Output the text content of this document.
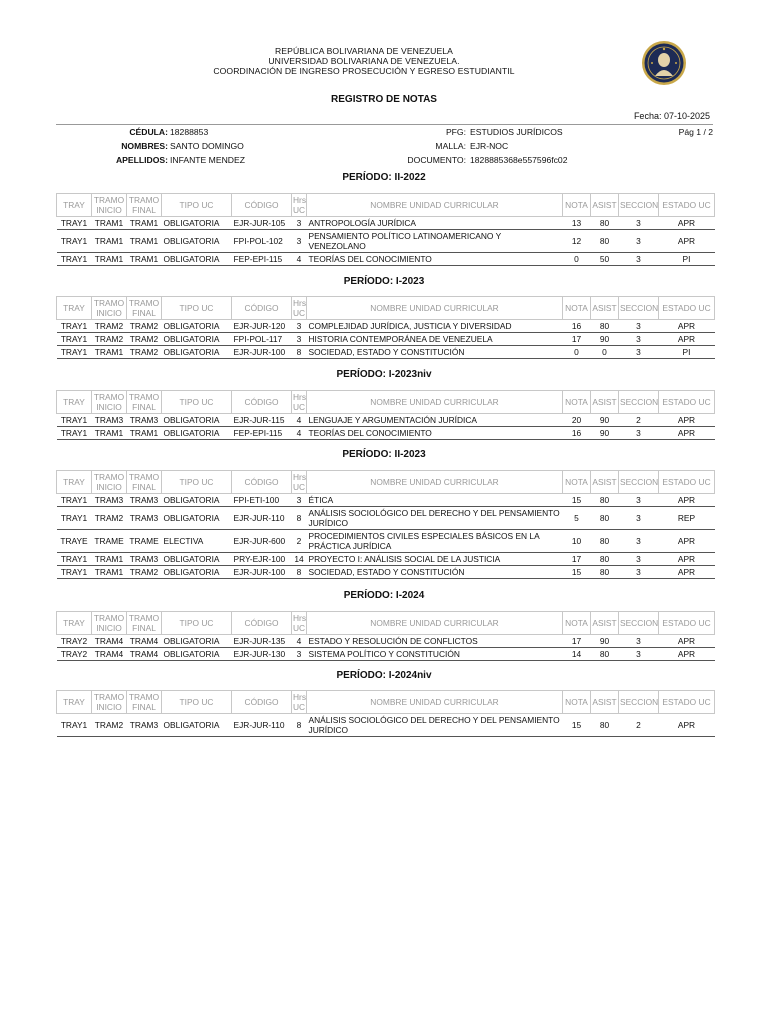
REPÚBLICA BOLIVARIANA DE VENEZUELA
UNIVERSIDAD BOLIVARIANA DE VENEZUELA.
COORDINACIÓN DE INGRESO PROSECUCIÓN Y EGRESO ESTUDIANTIL
REGISTRO DE NOTAS
Fecha: 07-10-2025
CÉDULA: 18288853
NOMBRES: SANTO DOMINGO
APELLIDOS: INFANTE MENDEZ
PFG: ESTUDIOS JURÍDICOS
MALLA: EJR-NOC
DOCUMENTO: 1828885368e557596fc02
Pág 1 / 2
PERÍODO: II-2022
TRAY	TRAMO INICIO	TRAMO FINAL	TIPO UC	CÓDIGO	Hrs UC	NOMBRE UNIDAD CURRICULAR	NOTA	ASIST	SECCION	ESTADO UC
TRAY1	TRAM1	TRAM1	OBLIGATORIA	EJR-JUR-105	3	ANTROPOLOGÍA JURÍDICA	13	80	3	APR
TRAY1	TRAM1	TRAM1	OBLIGATORIA	FPI-POL-102	3	PENSAMIENTO POLÍTICO LATINOAMERICANO Y VENEZOLANO	12	80	3	APR
TRAY1	TRAM1	TRAM1	OBLIGATORIA	FEP-EPI-115	4	TEORÍAS DEL CONOCIMIENTO	0	50	3	PI
PERÍODO: I-2023
TRAY	TRAMO INICIO	TRAMO FINAL	TIPO UC	CÓDIGO	Hrs UC	NOMBRE UNIDAD CURRICULAR	NOTA	ASIST	SECCION	ESTADO UC
TRAY1	TRAM2	TRAM2	OBLIGATORIA	EJR-JUR-120	3	COMPLEJIDAD JURÍDICA, JUSTICIA Y DIVERSIDAD	16	80	3	APR
TRAY1	TRAM2	TRAM2	OBLIGATORIA	FPI-POL-117	3	HISTORIA CONTEMPORÁNEA DE VENEZUELA	17	90	3	APR
TRAY1	TRAM1	TRAM2	OBLIGATORIA	EJR-JUR-100	8	SOCIEDAD, ESTADO Y CONSTITUCIÓN	0	0	3	PI
PERÍODO: I-2023niv
TRAY	TRAMO INICIO	TRAMO FINAL	TIPO UC	CÓDIGO	Hrs UC	NOMBRE UNIDAD CURRICULAR	NOTA	ASIST	SECCION	ESTADO UC
TRAY1	TRAM3	TRAM3	OBLIGATORIA	EJR-JUR-115	4	LENGUAJE Y ARGUMENTACIÓN JURÍDICA	20	90	2	APR
TRAY1	TRAM1	TRAM1	OBLIGATORIA	FEP-EPI-115	4	TEORÍAS DEL CONOCIMIENTO	16	90	3	APR
PERÍODO: II-2023
TRAY	TRAMO INICIO	TRAMO FINAL	TIPO UC	CÓDIGO	Hrs UC	NOMBRE UNIDAD CURRICULAR	NOTA	ASIST	SECCION	ESTADO UC
TRAY1	TRAM3	TRAM3	OBLIGATORIA	FPI-ETI-100	3	ÉTICA	15	80	3	APR
TRAY1	TRAM2	TRAM3	OBLIGATORIA	EJR-JUR-110	8	ANÁLISIS SOCIOLÓGICO DEL DERECHO Y DEL PENSAMIENTO JURÍDICO	5	80	3	REP
TRAYE	TRAME	TRAME	ELECTIVA	EJR-JUR-600	2	PROCEDIMIENTOS CIVILES ESPECIALES BÁSICOS EN LA PRÁCTICA JURÍDICA	10	80	3	APR
TRAY1	TRAM1	TRAM3	OBLIGATORIA	PRY-EJR-100	14	PROYECTO I: ANÁLISIS SOCIAL DE LA JUSTICIA	17	80	3	APR
TRAY1	TRAM1	TRAM2	OBLIGATORIA	EJR-JUR-100	8	SOCIEDAD, ESTADO Y CONSTITUCIÓN	15	80	3	APR
PERÍODO: I-2024
TRAY	TRAMO INICIO	TRAMO FINAL	TIPO UC	CÓDIGO	Hrs UC	NOMBRE UNIDAD CURRICULAR	NOTA	ASIST	SECCION	ESTADO UC
TRAY2	TRAM4	TRAM4	OBLIGATORIA	EJR-JUR-135	4	ESTADO Y RESOLUCIÓN DE CONFLICTOS	17	90	3	APR
TRAY2	TRAM4	TRAM4	OBLIGATORIA	EJR-JUR-130	3	SISTEMA POLÍTICO Y CONSTITUCIÓN	14	80	3	APR
PERÍODO: I-2024niv
TRAY	TRAMO INICIO	TRAMO FINAL	TIPO UC	CÓDIGO	Hrs UC	NOMBRE UNIDAD CURRICULAR	NOTA	ASIST	SECCION	ESTADO UC
TRAY1	TRAM2	TRAM3	OBLIGATORIA	EJR-JUR-110	8	ANÁLISIS SOCIOLÓGICO DEL DERECHO Y DEL PENSAMIENTO JURÍDICO	15	80	2	APR
